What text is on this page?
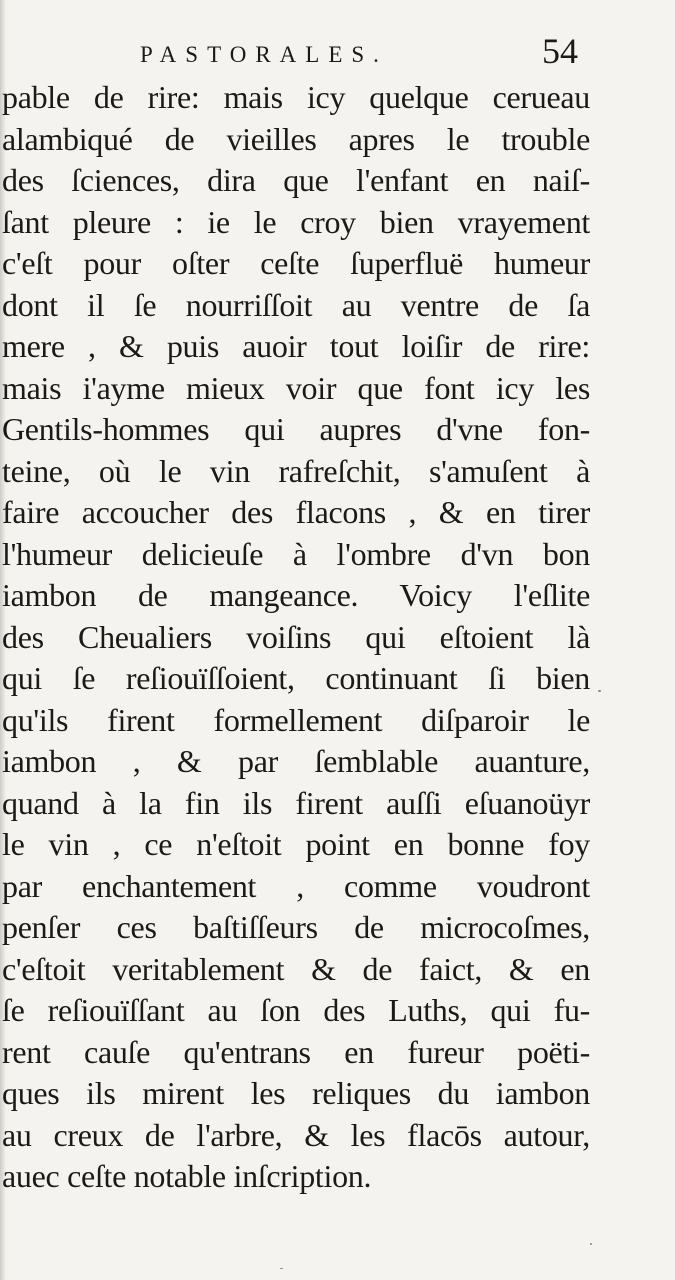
PASTORALES.	54
pable de rire: mais icy quelque cerueau
alambiqué de vieilles apres le trouble
des ſciences, dira que l'enfant en naiſ-
ſant pleure : ie le croy bien vrayement
c'eſt pour oſter ceſte ſuperfluë humeur
dont il ſe nourriſſoit au ventre de ſa
mere , & puis auoir tout loiſir de rire:
mais i'ayme mieux voir que font icy les
Gentils-hommes qui aupres d'vne fon-
teine, où le vin rafreſchit, s'amuſent à
faire accoucher des flacons , & en tirer
l'humeur delicieuſe à l'ombre d'vn bon
iambon de mangeance. Voicy l'eſlite
des Cheualiers voiſins qui eſtoient là
qui ſe reſiouïſſoient, continuant ſi bien
qu'ils firent formellement diſparoir le
iambon , & par ſemblable auanture,
quand à la fin ils firent auſſi eſuanoüyr
le vin , ce n'eſtoit point en bonne foy
par enchantement , comme voudront
penſer ces baſtiſſeurs de microcoſmes,
c'eſtoit veritablement & de faict, & en
ſe reſiouïſſant au ſon des Luths, qui fu-
rent cauſe qu'entrans en fureur poëti-
ques ils mirent les reliques du iambon
au creux de l'arbre, & les flacōs autour,
auec ceſte notable inſcription.
